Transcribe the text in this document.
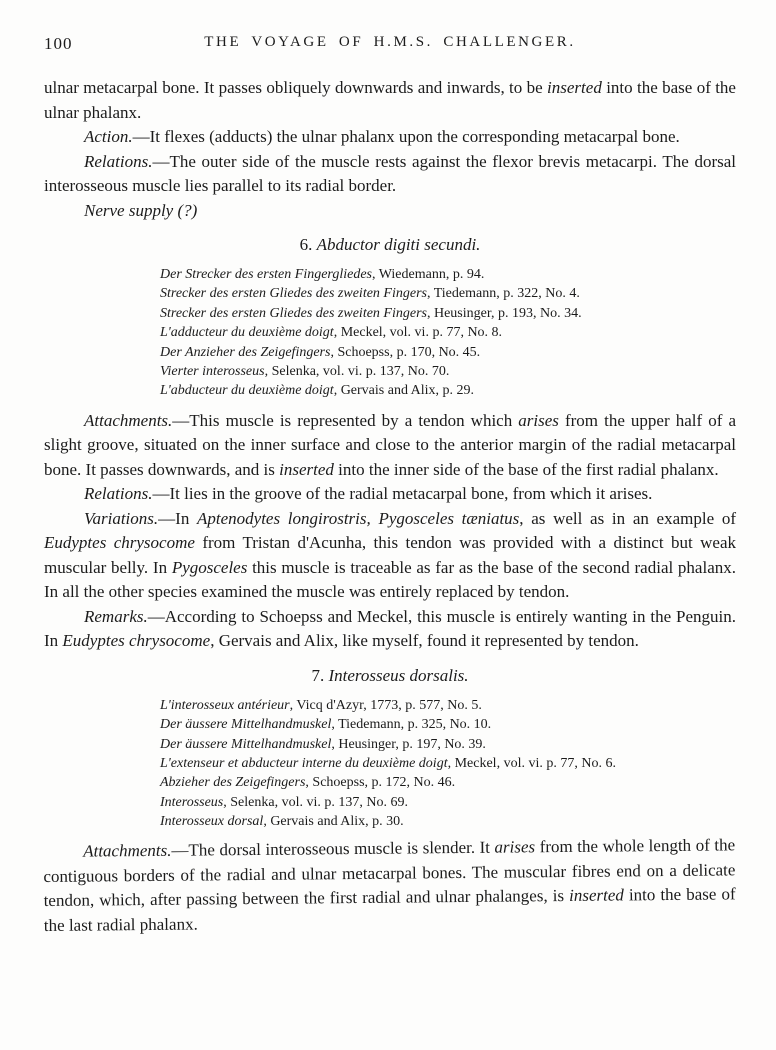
100	THE VOYAGE OF H.M.S. CHALLENGER.

ulnar metacarpal bone. It passes obliquely downwards and inwards, to be inserted into the base of the ulnar phalanx.

Action.—It flexes (adducts) the ulnar phalanx upon the corresponding metacarpal bone.

Relations.—The outer side of the muscle rests against the flexor brevis metacarpi. The dorsal interosseous muscle lies parallel to its radial border.

Nerve supply (?)

6. Abductor digiti secundi.
Der Strecker des ersten Fingergliedes, Wiedemann, p. 94.
Strecker des ersten Gliedes des zweiten Fingers, Tiedemann, p. 322, No. 4.
Strecker des ersten Gliedes des zweiten Fingers, Heusinger, p. 193, No. 34.
L'adducteur du deuxième doigt, Meckel, vol. vi. p. 77, No. 8.
Der Anzieher des Zeigefingers, Schoepss, p. 170, No. 45.
Vierter interosseus, Selenka, vol. vi. p. 137, No. 70.
L'abducteur du deuxième doigt, Gervais and Alix, p. 29.

Attachments.—This muscle is represented by a tendon which arises from the upper half of a slight groove, situated on the inner surface and close to the anterior margin of the radial metacarpal bone. It passes downwards, and is inserted into the inner side of the base of the first radial phalanx.

Relations.—It lies in the groove of the radial metacarpal bone, from which it arises.

Variations.—In Aptenodytes longirostris, Pygosceles tæniatus, as well as in an example of Eudyptes chrysocome from Tristan d'Acunha, this tendon was provided with a distinct but weak muscular belly. In Pygosceles this muscle is traceable as far as the base of the second radial phalanx. In all the other species examined the muscle was entirely replaced by tendon.

Remarks.—According to Schoepss and Meckel, this muscle is entirely wanting in the Penguin. In Eudyptes chrysocome, Gervais and Alix, like myself, found it represented by tendon.

7. Interosseus dorsalis.
L'interosseux antérieur, Vicq d'Azyr, 1773, p. 577, No. 5.
Der äussere Mittelhandmuskel, Tiedemann, p. 325, No. 10.
Der äussere Mittelhandmuskel, Heusinger, p. 197, No. 39.
L'extenseur et abducteur interne du deuxième doigt, Meckel, vol. vi. p. 77, No. 6.
Abzieher des Zeigefingers, Schoepss, p. 172, No. 46.
Interosseus, Selenka, vol. vi. p. 137, No. 69.
Interosseux dorsal, Gervais and Alix, p. 30.

Attachments.—The dorsal interosseous muscle is slender. It arises from the whole length of the contiguous borders of the radial and ulnar metacarpal bones. The muscular fibres end on a delicate tendon, which, after passing between the first radial and ulnar phalanges, is inserted into the base of the last radial phalanx.
